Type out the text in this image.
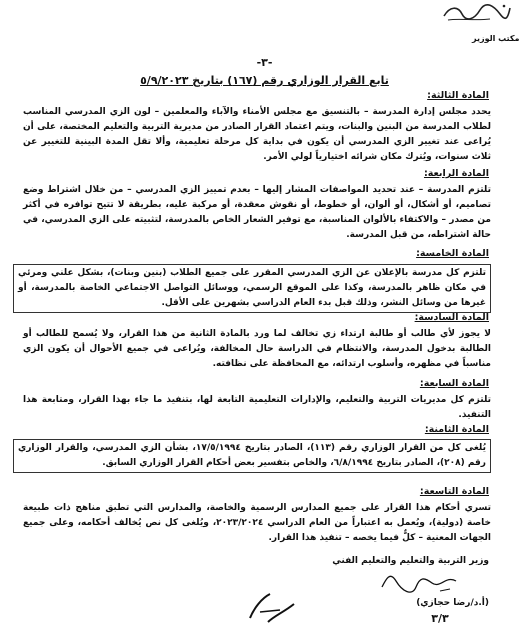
مكتب الوزير
-٣-
تابع القرار الوزاري رقم (١٦٧) بتاريخ ٥/٩/٢٠٢٣
المادة الثالثة:

يحدد مجلس إدارة المدرسة – بالتنسيق مع مجلس الأمناء والآباء والمعلمين – لون الزي المدرسي المناسب لطلاب المدرسة من البنين والبنات، ويتم اعتماد القرار الصادر من مديرية التربية والتعليم المختصة، على أن يُراعى عند تغيير الزي المدرسي أن يكون في بداية كل مرحلة تعليمية، وألا تقل المدة البينية للتغيير عن ثلاث سنوات، ويُترك مكان شرائه اختيارياً لولي الأمر.

المادة الرابعة:

تلتزم المدرسة – عند تحديد المواصفات المشار إليها – بعدم تمييز الزي المدرسي – من خلال اشتراط وضع تصاميم، أو أشكال، أو ألوان، أو خطوط، أو نقوش معقدة، أو مركبة عليه، بطريقة لا تتيح توافره في أكثر من مصدر – والاكتفاء بالألوان المناسبة، مع توفير الشعار الخاص بالمدرسة، لتثبيته على الزي المدرسي، في حالة اشتراطه، من قبل المدرسة.

المادة الخامسة:

تلتزم كل مدرسة بالإعلان عن الزي المدرسي المقرر على جميع الطلاب (بنين وبنات)، بشكل علني ومرئي في مكان ظاهر بالمدرسة، وكذا على الموقع الرسمي، ووسائل التواصل الاجتماعي الخاصة بالمدرسة، أو غيرها من وسائل النشر، وذلك قبل بدء العام الدراسي بشهرين على الأقل.

المادة السادسة:

لا يجوز لأي طالب أو طالبة ارتداء زي تخالف لما ورد بالمادة الثانية من هذا القرار، ولا يُسمح للطالب أو الطالبة بدخول المدرسة، والانتظام في الدراسة حال المخالفة، ويُراعى في جميع الأحوال أن يكون الزي مناسباً في مظهره، وأسلوب ارتدائه، مع المحافظة على نظافته.

المادة السابعة:

تلتزم كل مديريات التربية والتعليم، والإدارات التعليمية التابعة لها، بتنفيذ ما جاء بهذا القرار، ومتابعة هذا التنفيذ.

المادة الثامنة:

يُلغى كل من القرار الوزاري رقم (١١٣)، الصادر بتاريخ ١٧/٥/١٩٩٤، بشأن الزي المدرسي، والقرار الوزاري رقم (٢٠٨)، الصادر بتاريخ ٦/٨/١٩٩٤، والخاص بتفسير بعض أحكام القرار الوزاري السابق.

المادة التاسعة:

تسري أحكام هذا القرار على جميع المدارس الرسمية والخاصة، والمدارس التي تطبق مناهج ذات طبيعة خاصة (دولية)، ويُعمل به اعتباراً من العام الدراسي ٢٠٢٣/٢٠٢٤، ويُلغى كل نص يُخالف أحكامه، وعلى جميع الجهات المعنية – كلٌّ فيما يخصه – تنفيذ هذا القرار.

وزير التربية والتعليم والتعليم الفني
(أ.د/رضا حجازي)
٣/٣
